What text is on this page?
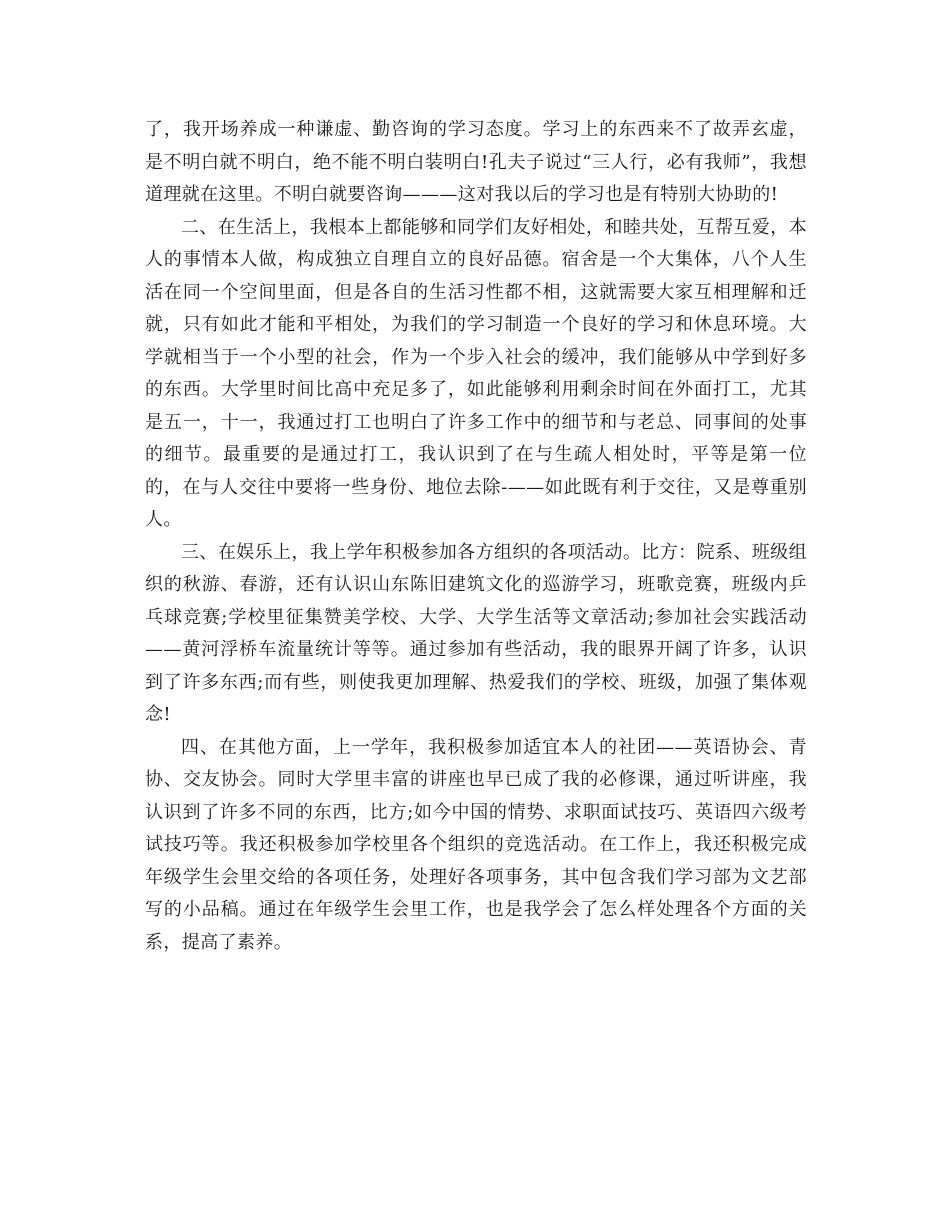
了，我开场养成一种谦虚、勤咨询的学习态度。学习上的东西来不了故弄玄虚，是不明白就不明白，绝不能不明白装明白!孔夫子说过“三人行，必有我师”，我想道理就在这里。不明白就要咨询———这对我以后的学习也是有特别大协助的!

二、在生活上，我根本上都能够和同学们友好相处，和睦共处，互帮互爱，本人的事情本人做，构成独立自理自立的良好品德。宿舍是一个大集体，八个人生活在同一个空间里面，但是各自的生活习性都不相，这就需要大家互相理解和迁就，只有如此才能和平相处，为我们的学习制造一个良好的学习和休息环境。大学就相当于一个小型的社会，作为一个步入社会的缓冲，我们能够从中学到好多的东西。大学里时间比高中充足多了，如此能够利用剩余时间在外面打工，尤其是五一，十一，我通过打工也明白了许多工作中的细节和与老总、同事间的处事的细节。最重要的是通过打工，我认识到了在与生疏人相处时，平等是第一位的，在与人交往中要将一些身份、地位去除-——如此既有利于交往，又是尊重别人。

三、在娱乐上，我上学年积极参加各方组织的各项活动。比方：院系、班级组织的秋游、春游，还有认识山东陈旧建筑文化的巡游学习，班歌竞赛，班级内乒乓球竞赛;学校里征集赞美学校、大学、大学生活等文章活动;参加社会实践活动——黄河浮桥车流量统计等等。通过参加有些活动，我的眼界开阔了许多，认识到了许多东西;而有些，则使我更加理解、热爱我们的学校、班级，加强了集体观念!

四、在其他方面，上一学年，我积极参加适宜本人的社团——英语协会、青协、交友协会。同时大学里丰富的讲座也早已成了我的必修课，通过听讲座，我认识到了许多不同的东西，比方;如今中国的情势、求职面试技巧、英语四六级考试技巧等。我还积极参加学校里各个组织的竞选活动。在工作上，我还积极完成年级学生会里交给的各项任务，处理好各项事务，其中包含我们学习部为文艺部写的小品稿。通过在年级学生会里工作，也是我学会了怎么样处理各个方面的关系，提高了素养。
